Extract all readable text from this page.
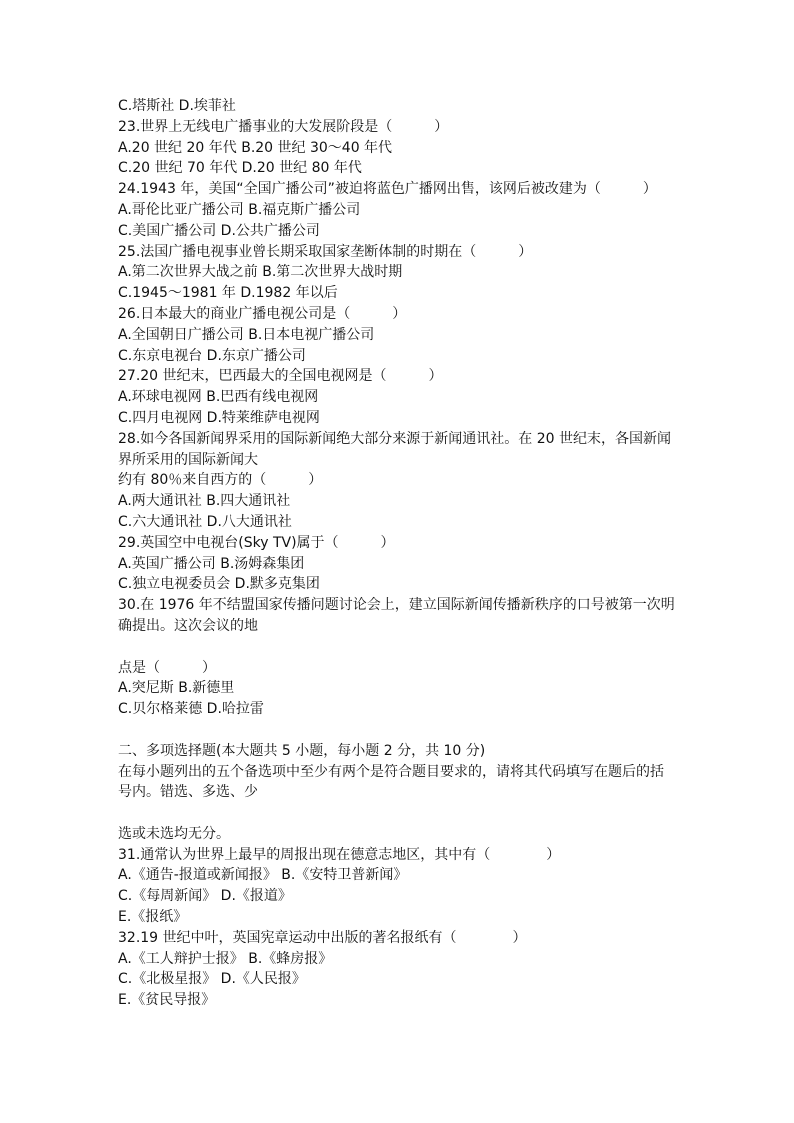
C.塔斯社 D.埃菲社
23.世界上无线电广播事业的大发展阶段是（　　　）
A.20 世纪 20 年代 B.20 世纪 30～40 年代
C.20 世纪 70 年代 D.20 世纪 80 年代
24.1943 年，美国“全国广播公司”被迫将蓝色广播网出售，该网后被改建为（　　　）
A.哥伦比亚广播公司 B.福克斯广播公司
C.美国广播公司 D.公共广播公司
25.法国广播电视事业曾长期采取国家垄断体制的时期在（　　　）
A.第二次世界大战之前 B.第二次世界大战时期
C.1945～1981 年 D.1982 年以后
26.日本最大的商业广播电视公司是（　　　）
A.全国朝日广播公司 B.日本电视广播公司
C.东京电视台 D.东京广播公司
27.20 世纪末，巴西最大的全国电视网是（　　　）
A.环球电视网 B.巴西有线电视网
C.四月电视网 D.特莱维萨电视网
28.如今各国新闻界采用的国际新闻绝大部分来源于新闻通讯社。在 20 世纪末，各国新闻
界所采用的国际新闻大
约有 80％来自西方的（　　　）
A.两大通讯社 B.四大通讯社
C.六大通讯社 D.八大通讯社
29.英国空中电视台(Sky TV)属于（　　　）
A.英国广播公司 B.汤姆森集团
C.独立电视委员会 D.默多克集团
30.在 1976 年不结盟国家传播问题讨论会上，建立国际新闻传播新秩序的口号被第一次明
确提出。这次会议的地
点是（　　　）
A.突尼斯 B.新德里
C.贝尔格莱德 D.哈拉雷
二、多项选择题(本大题共 5 小题，每小题 2 分，共 10 分)
在每小题列出的五个备选项中至少有两个是符合题目要求的，请将其代码填写在题后的括
号内。错选、多选、少
选或未选均无分。
31.通常认为世界上最早的周报出现在德意志地区，其中有（　　　　）
A.《通告-报道或新闻报》 B.《安特卫普新闻》
C.《每周新闻》 D.《报道》
E.《报纸》
32.19 世纪中叶，英国宪章运动中出版的著名报纸有（　　　　）
A.《工人辩护士报》 B.《蜂房报》
C.《北极星报》 D.《人民报》
E.《贫民导报》
